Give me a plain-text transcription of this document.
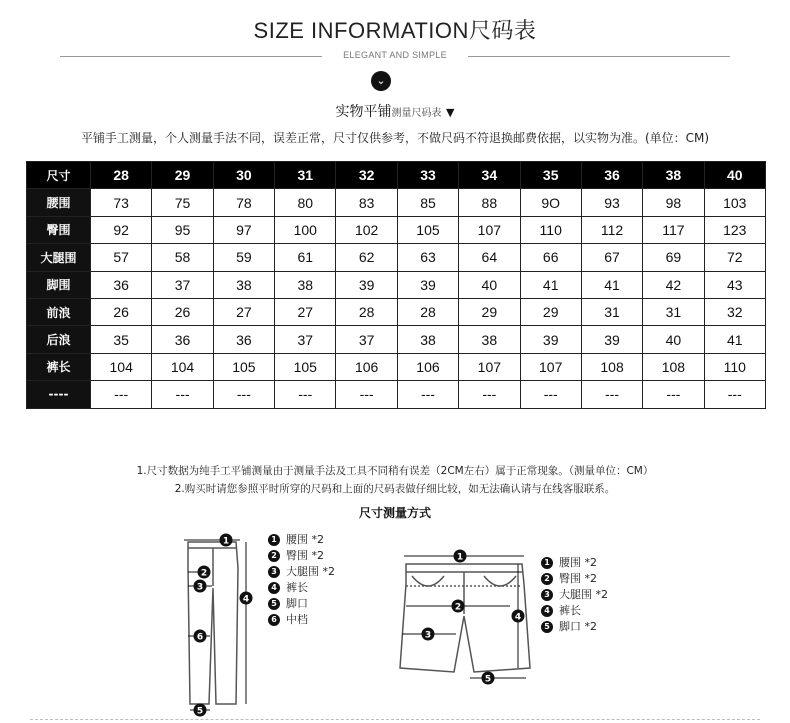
SIZE INFORMATION尺码表
ELEGANT AND SIMPLE
⌄
实物平铺测量尺码表 ▼
平铺手工测量，个人测量手法不同，误差正常，尺寸仅供参考，不做尺码不符退换邮费依据，以实物为准。(单位：CM)
尺寸	28	29	30	31	32	33	34	35	36	38	40
腰围	73	75	78	80	83	85	88	9O	93	98	103
臀围	92	95	97	100	102	105	107	110	112	117	123
大腿围	57	58	59	61	62	63	64	66	67	69	72
脚围	36	37	38	38	39	39	40	41	41	42	43
前浪	26	26	27	27	28	28	29	29	31	31	32
后浪	35	36	36	37	37	38	38	39	39	40	41
裤长	104	104	105	105	106	106	107	107	108	108	110
----	---	---	---	---	---	---	---	---	---	---	---
1.尺寸数据为纯手工平铺测量由于测量手法及工具不同稍有误差（2CM左右）属于正常现象。（测量单位：CM）
2.购买时请您参照平时所穿的尺码和上面的尺码表做仔细比较，如无法确认请与在线客服联系。
尺寸测量方式
1
2
3
4
6
5
1 腰围 *2
2 臀围 *2
3 大腿围 *2
4 裤长
5 脚口
6 中档
1
2
3
4
5
1 腰围 *2
2 臀围 *2
3 大腿围 *2
4 裤长
5 脚口 *2
